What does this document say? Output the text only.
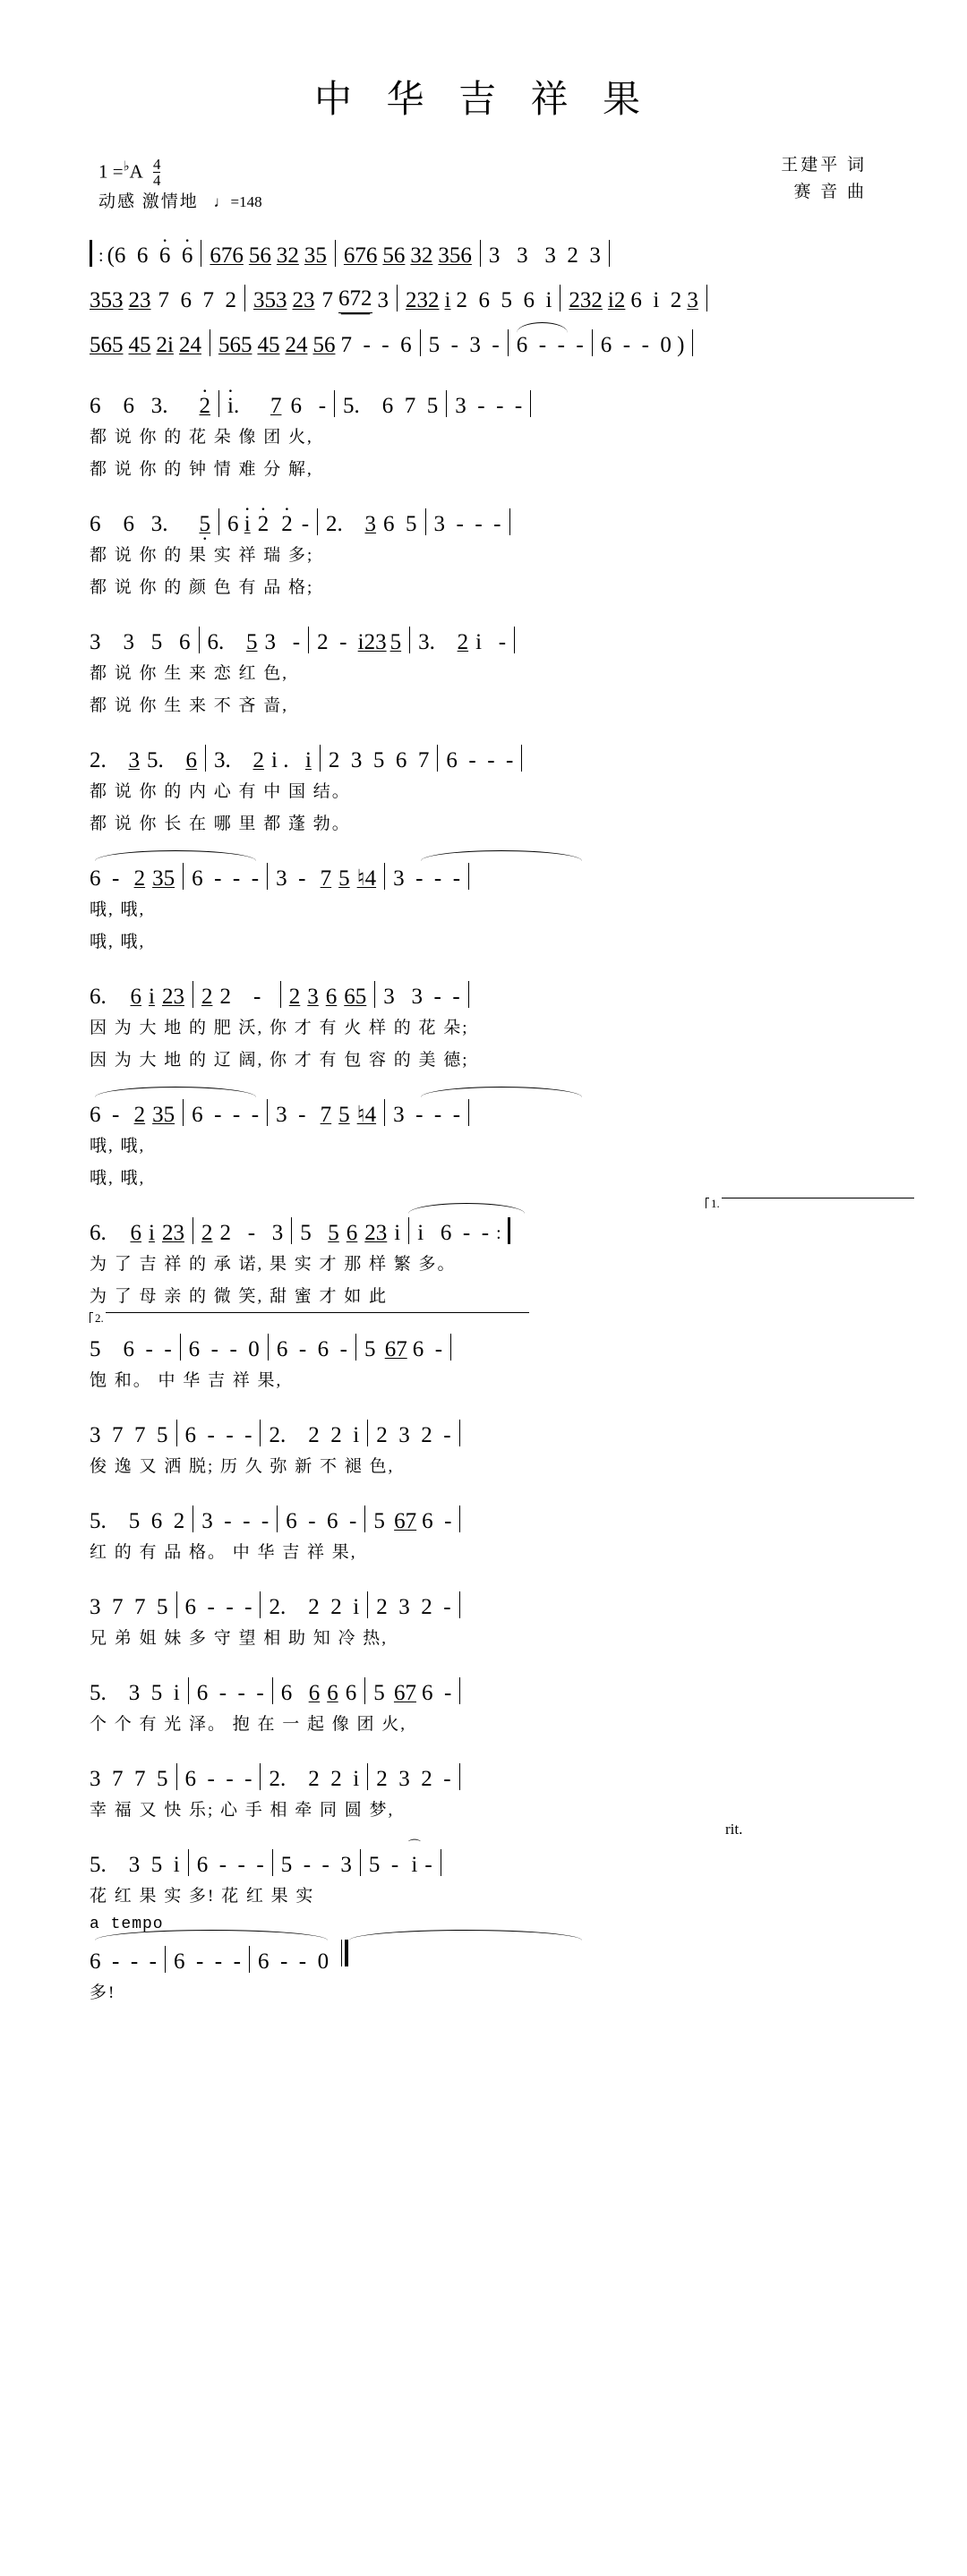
中 华 吉 祥 果
$1 =^♭A \frac{4}{4}$
动感 激情地 ♩ =148
王建平 词
赛 音 曲
: (6  6  6 · 6 · 676 56 32 35 676 56 32 356 3   3   3  2  3
353 23 7  6  7  2 353 23 7 672 3 232 i 2  6  5  6  i 232 i2 6  i  2 3
565 45 2i 24 565 45 24 56 7  -  -  6 5  -  3  - 6  -  -  - 6  -  -  0 )
6    6   3. 2 · i · . 7 6   - 5.    6  7  5 3  -  -  -
都 说 你 的 花 朵 像 团 火,
都 说 你 的 钟 情 难 分 解,
6    6   3. · 5 6 i · 2 · 2 · - 2. 3 6  5 3  -  -  -
都 说 你 的 果 实 祥 瑞 多;
都 说 你 的 颜 色 有 品 格;
3    3   5   6 6. 5 3   - 2  - i23 5 3. 2 i   -
都 说 你 生 来 恋 红 色,
都 说 你 生 来 不 吝 啬,
2. 3 5. 6 3. 2 i . i 2  3  5  6  7 6  -  -  -
都 说 你 的 内 心 有 中 国 结。
都 说 你 长 在 哪 里 都 蓬 勃。
6  - 2 35 6  -  -  - 3  - 7 5 ♮4 3  -  -  -
哦, 哦,
哦, 哦,
6. 6 i 23 2 2    - 2 3 6 65 3   3  -  -
因 为 大 地 的 肥 沃, 你 才 有 火 样 的 花 朵;
因 为 大 地 的 辽 阔, 你 才 有 包 容 的 美 德;
6  - 2 35 6  -  -  - 3  - 7 5 ♮4 3  -  -  -
哦, 哦,
哦, 哦,
1.
6. 6 i 23 2 2   -   3 5 5 6 23 i i   6  -  - :
为 了 吉 祥 的 承 诺, 果 实 才 那 样 繁 多。
为 了 母 亲 的 微 笑, 甜 蜜 才 如 此
2.
5    6  -  - 6  -  -  0 6  -  6  - 5 67 6  -
饱 和。 中 华 吉 祥 果,
3  7  7  5 6  -  -  - 2.    2  2  i 2  3  2  -
俊 逸 又 洒 脱; 历 久 弥 新 不 褪 色,
5.    5  6  2 3  -  -  - 6  -  6  - 5 67 6  -
红 的 有 品 格。 中 华 吉 祥 果,
3  7  7  5 6  -  -  - 2.    2  2  i 2  3  2  -
兄 弟 姐 妹 多 守 望 相 助 知 冷 热,
5.    3  5  i 6  -  -  - 6 6 6 6 5 67 6  -
个 个 有 光 泽。 抱 在 一 起 像 团 火,
3  7  7  5 6  -  -  - 2.    2  2  i 2  3  2  -
幸 福 又 快 乐; 心 手 相 牵 同 圆 梦,
rit.
5.    3  5  i 6  -  -  - 5  -  -  3 5  -
⌒
i -
花 红 果 实 多! 花 红 果 实
a tempo
6  -  -  - 6  -  -  - 6  -  -  0
多!
